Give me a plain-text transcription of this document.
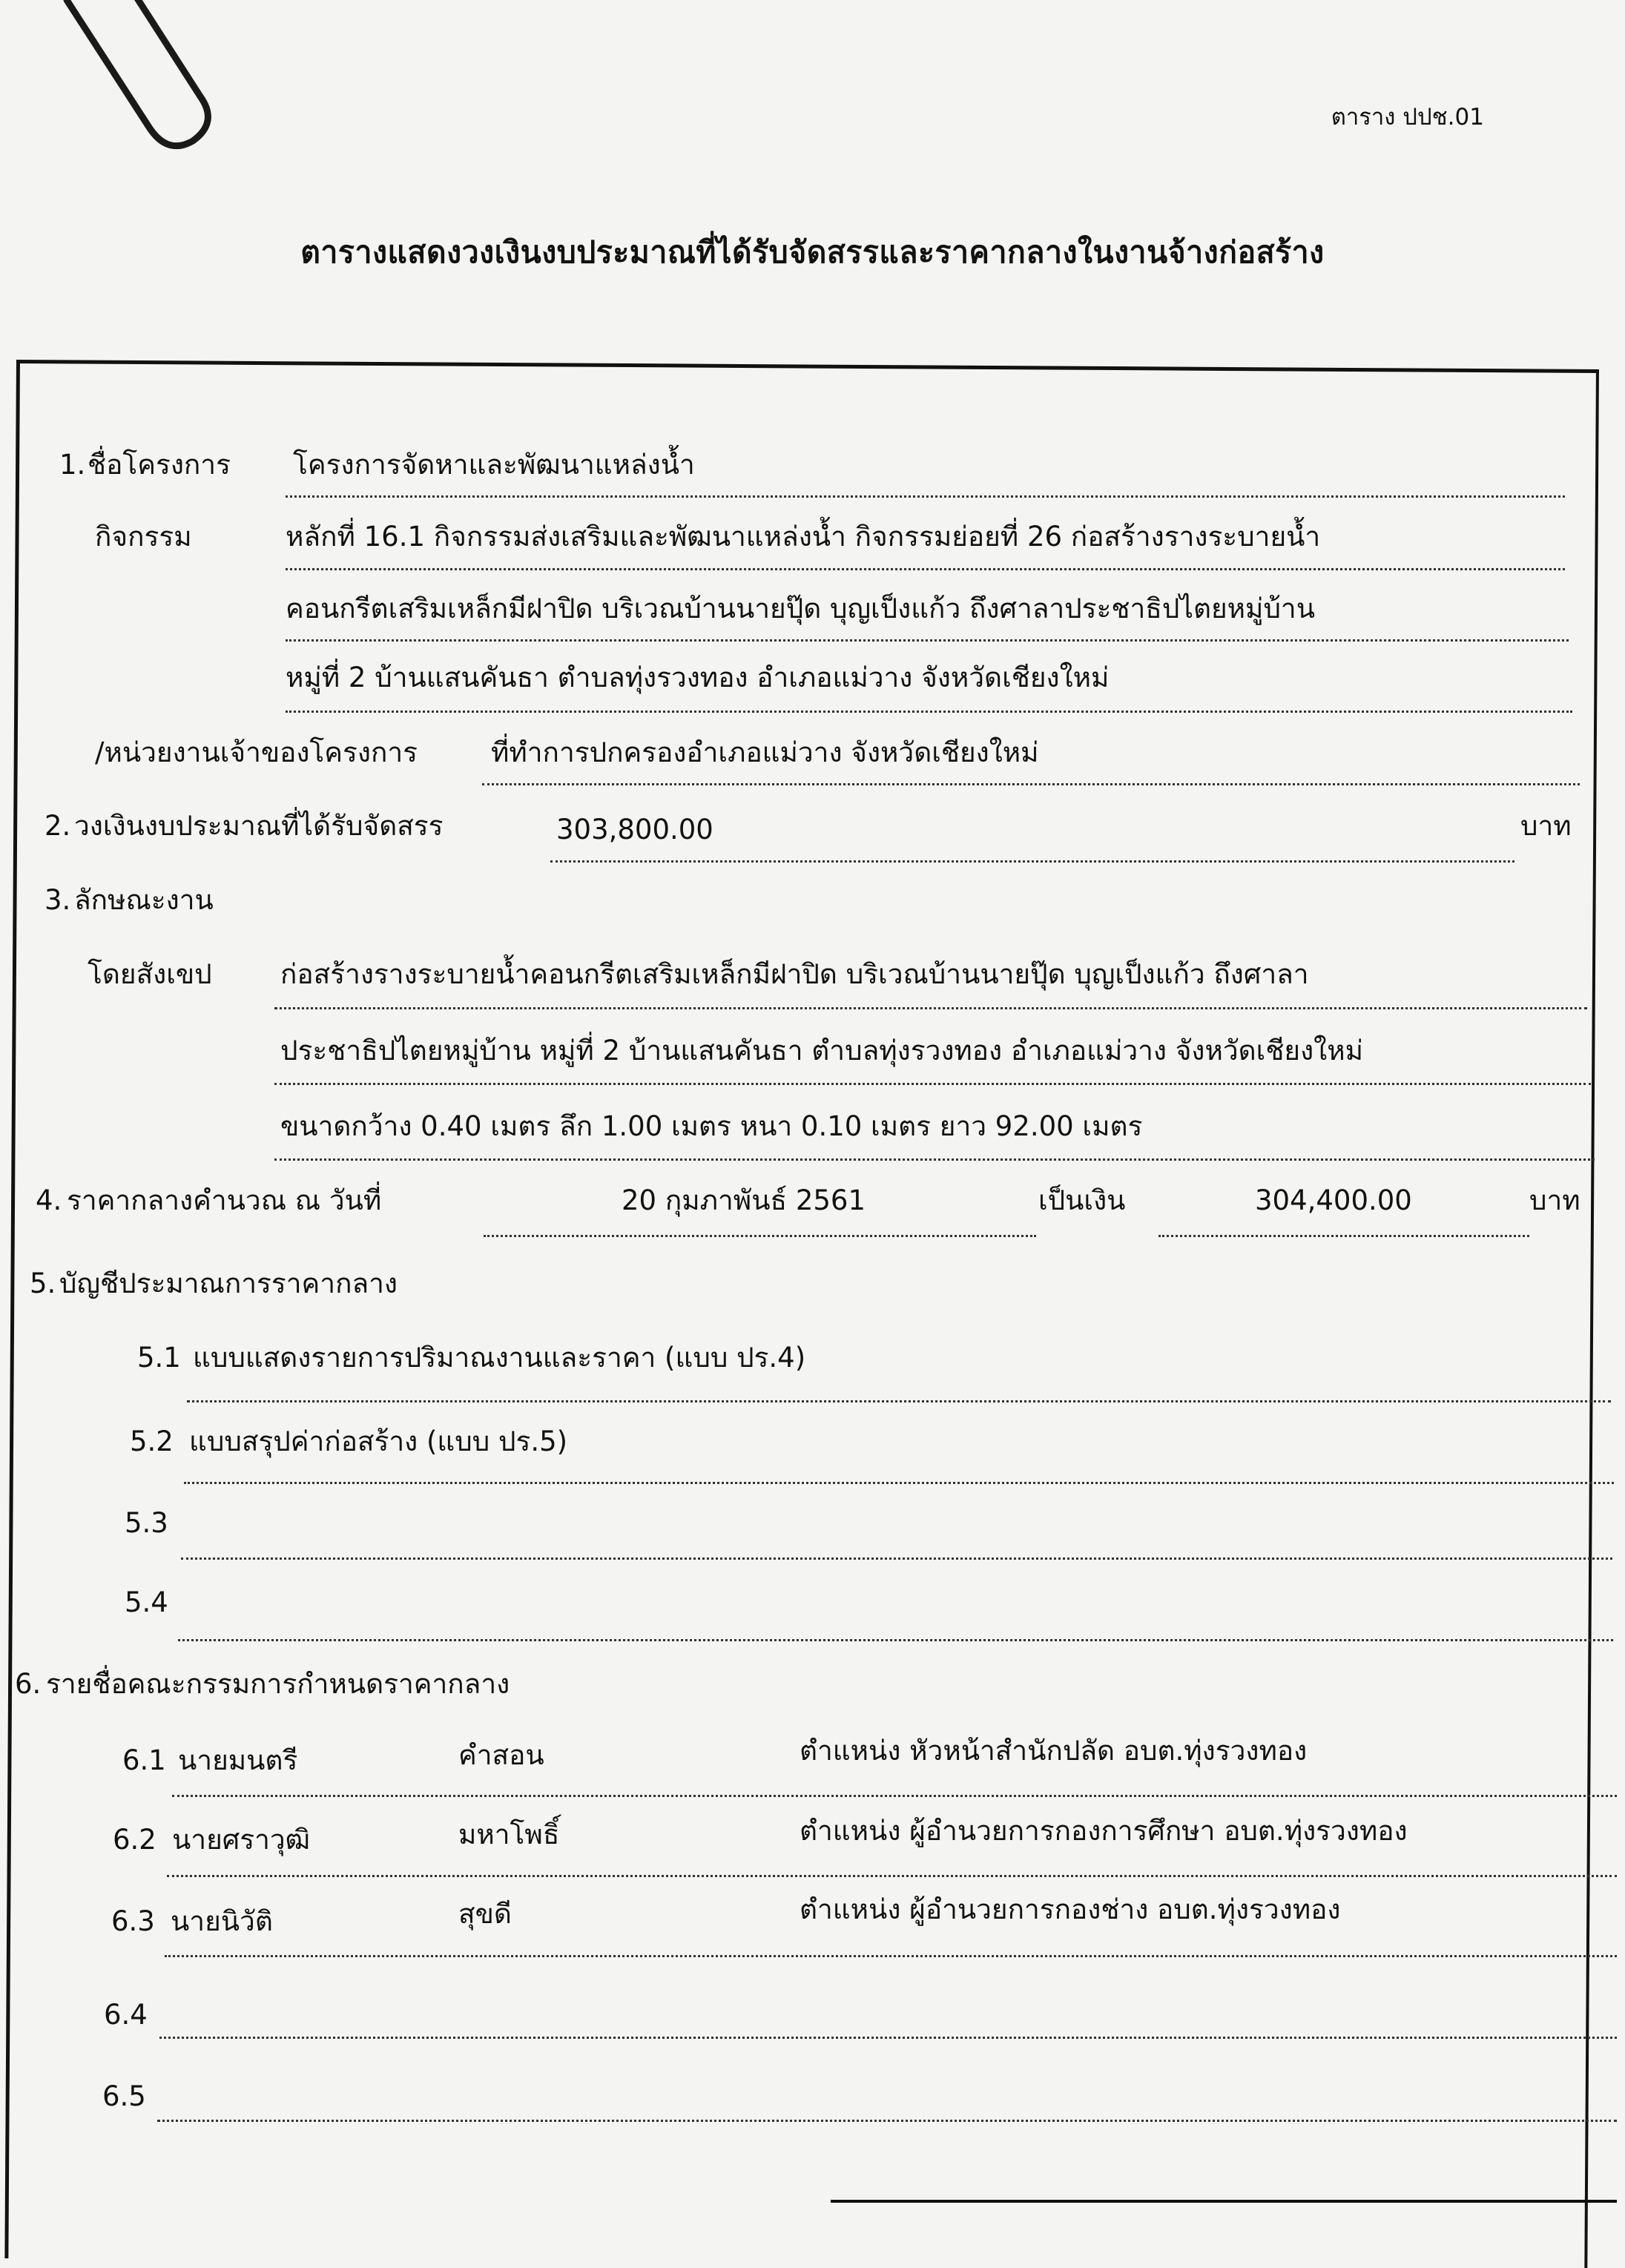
ตาราง ปปช.01
ตารางแสดงวงเงินงบประมาณที่ได้รับจัดสรรและราคากลางในงานจ้างก่อสร้าง
1. ชื่อโครงการ โครงการจัดหาและพัฒนาแหล่งน้ำ
กิจกรรม	หลักที่ 16.1 กิจกรรมส่งเสริมและพัฒนาแหล่งน้ำ กิจกรรมย่อยที่ 26 ก่อสร้างรางระบายน้ำ
คอนกรีตเสริมเหล็กมีฝาปิด บริเวณบ้านนายปุ๊ด บุญเป็งแก้ว ถึงศาลาประชาธิปไตยหมู่บ้าน
หมู่ที่ 2 บ้านแสนคันธา ตำบลทุ่งรวงทอง อำเภอแม่วาง จังหวัดเชียงใหม่
/หน่วยงานเจ้าของโครงการ	ที่ทำการปกครองอำเภอแม่วาง จังหวัดเชียงใหม่
2. วงเงินงบประมาณที่ได้รับจัดสรร	303,800.00	บาท
3. ลักษณะงาน
โดยสังเขป ก่อสร้างรางระบายน้ำคอนกรีตเสริมเหล็กมีฝาปิด บริเวณบ้านนายปุ๊ด บุญเป็งแก้ว ถึงศาลา
ประชาธิปไตยหมู่บ้าน หมู่ที่ 2 บ้านแสนคันธา ตำบลทุ่งรวงทอง อำเภอแม่วาง จังหวัดเชียงใหม่
ขนาดกว้าง 0.40 เมตร ลึก 1.00 เมตร หนา 0.10 เมตร ยาว 92.00 เมตร
4. ราคากลางคำนวณ ณ วันที่	20 กุมภาพันธ์ 2561	เป็นเงิน	304,400.00	บาท
5. บัญชีประมาณการราคากลาง
5.1 แบบแสดงรายการปริมาณงานและราคา (แบบ ปร.4)
5.2 แบบสรุปค่าก่อสร้าง (แบบ ปร.5)
5.3
5.4
6. รายชื่อคณะกรรมการกำหนดราคากลาง
6.1 นายมนตรี	คำสอน	ตำแหน่ง หัวหน้าสำนักปลัด อบต.ทุ่งรวงทอง
6.2 นายศราวุฒิ	มหาโพธิ์	ตำแหน่ง ผู้อำนวยการกองการศึกษา อบต.ทุ่งรวงทอง
6.3 นายนิวัติ	สุขดี	ตำแหน่ง ผู้อำนวยการกองช่าง อบต.ทุ่งรวงทอง
6.4
6.5
